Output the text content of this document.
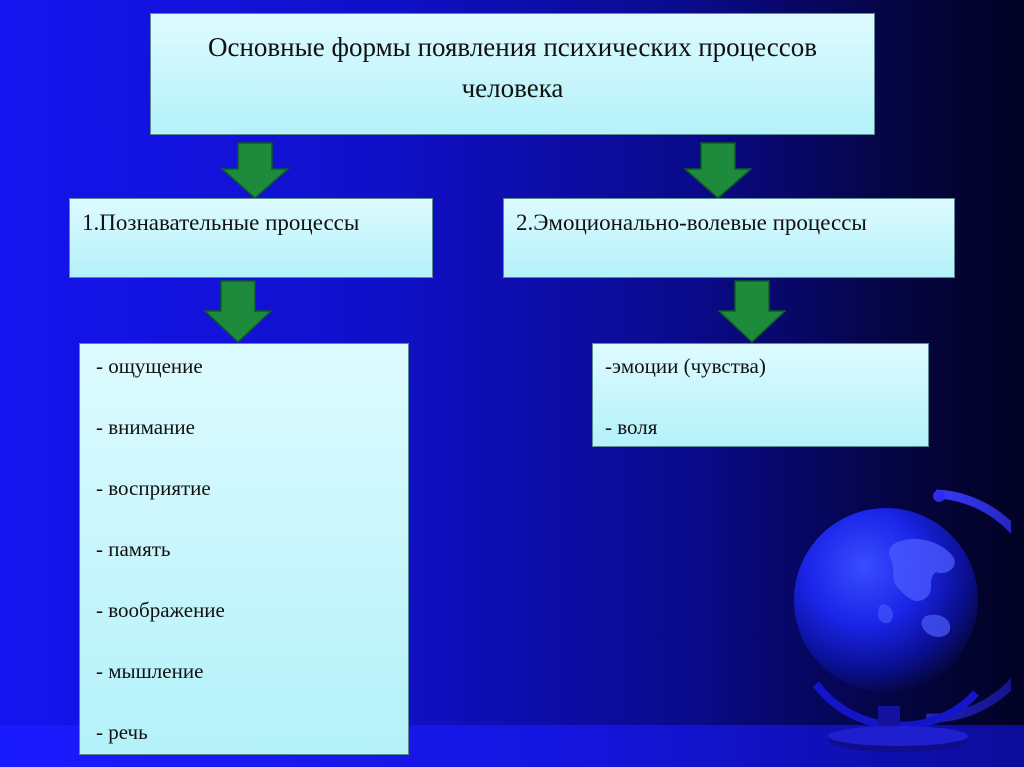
Основные формы появления психических процессов человека
1.Познавательные процессы	2.Эмоционально-волевые процессы
- ощущение
- внимание
- восприятие
- память
- воображение
- мышление
- речь
-эмоции (чувства)
- воля
